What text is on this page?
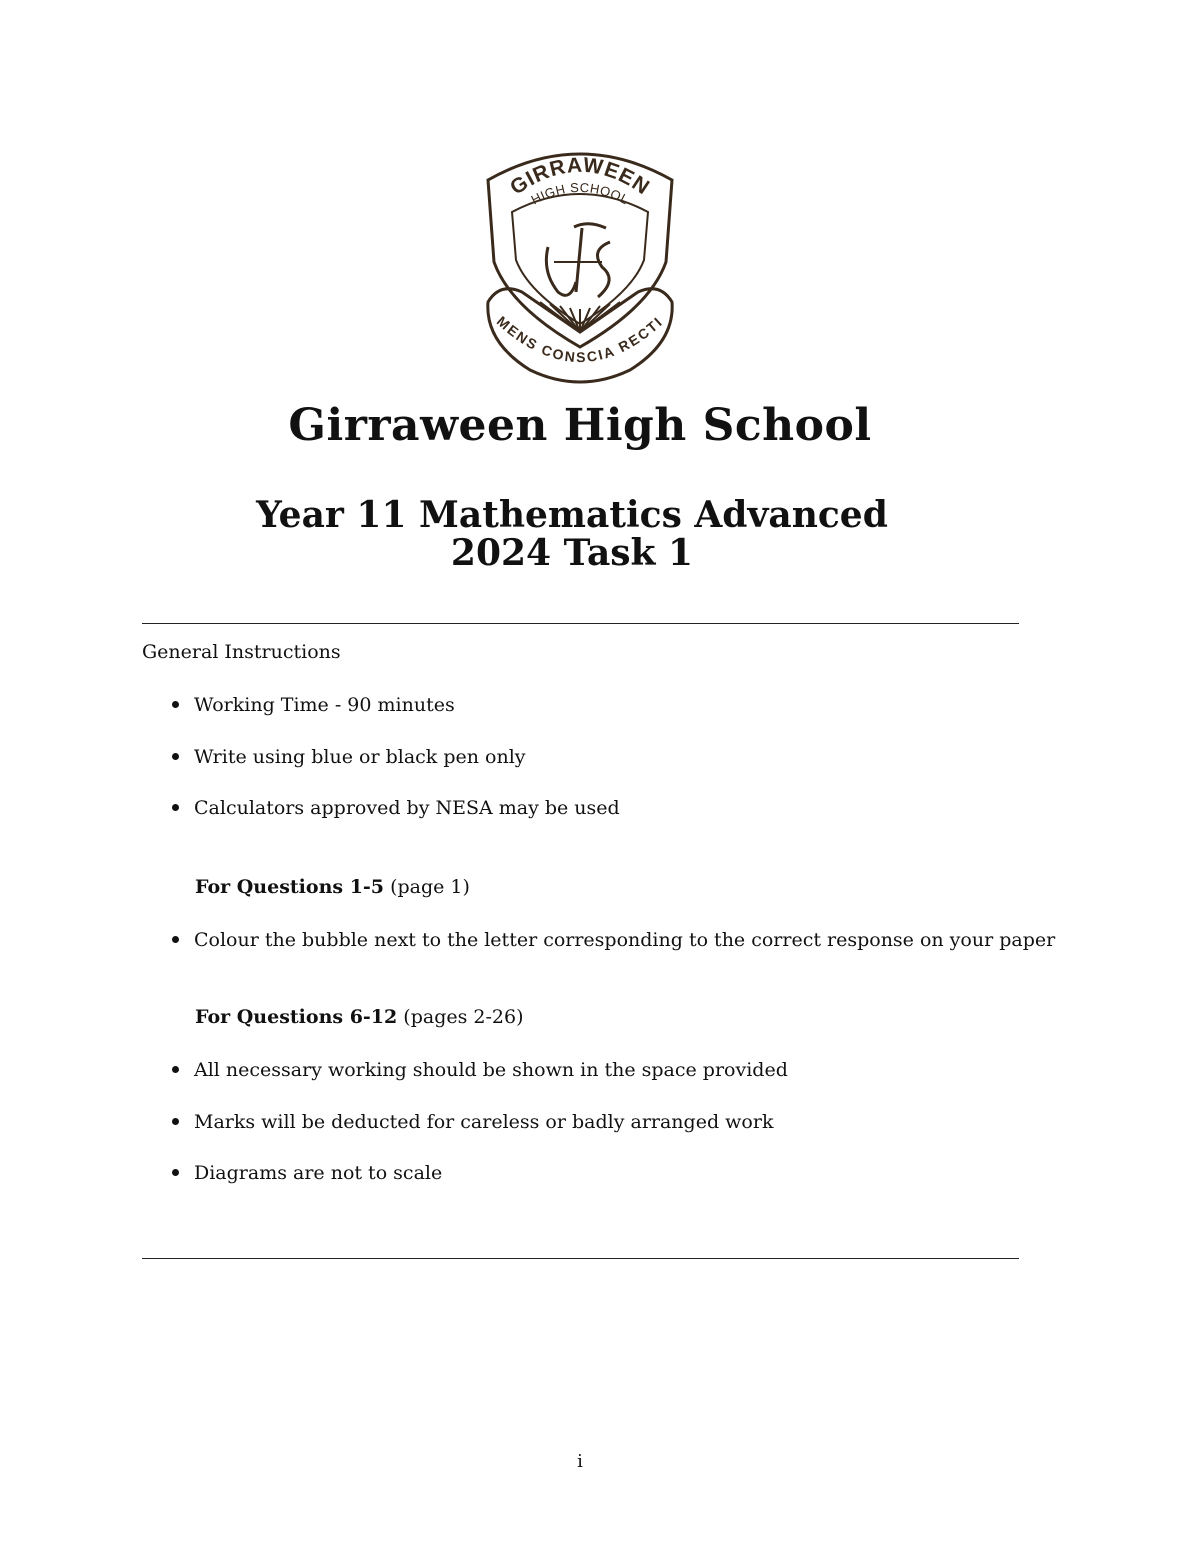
GIRRAWEEN
HIGH SCHOOL
MENS CONSCIA RECTI
Girraween High School
Year 11 Mathematics Advanced
2024 Task 1

General Instructions

Working Time - 90 minutes

Write using blue or black pen only

Calculators approved by NESA may be used

For Questions 1-5 (page 1)

Colour the bubble next to the letter corresponding to the correct response on your paper

For Questions 6-12 (pages 2-26)

All necessary working should be shown in the space provided

Marks will be deducted for careless or badly arranged work

Diagrams are not to scale

i
